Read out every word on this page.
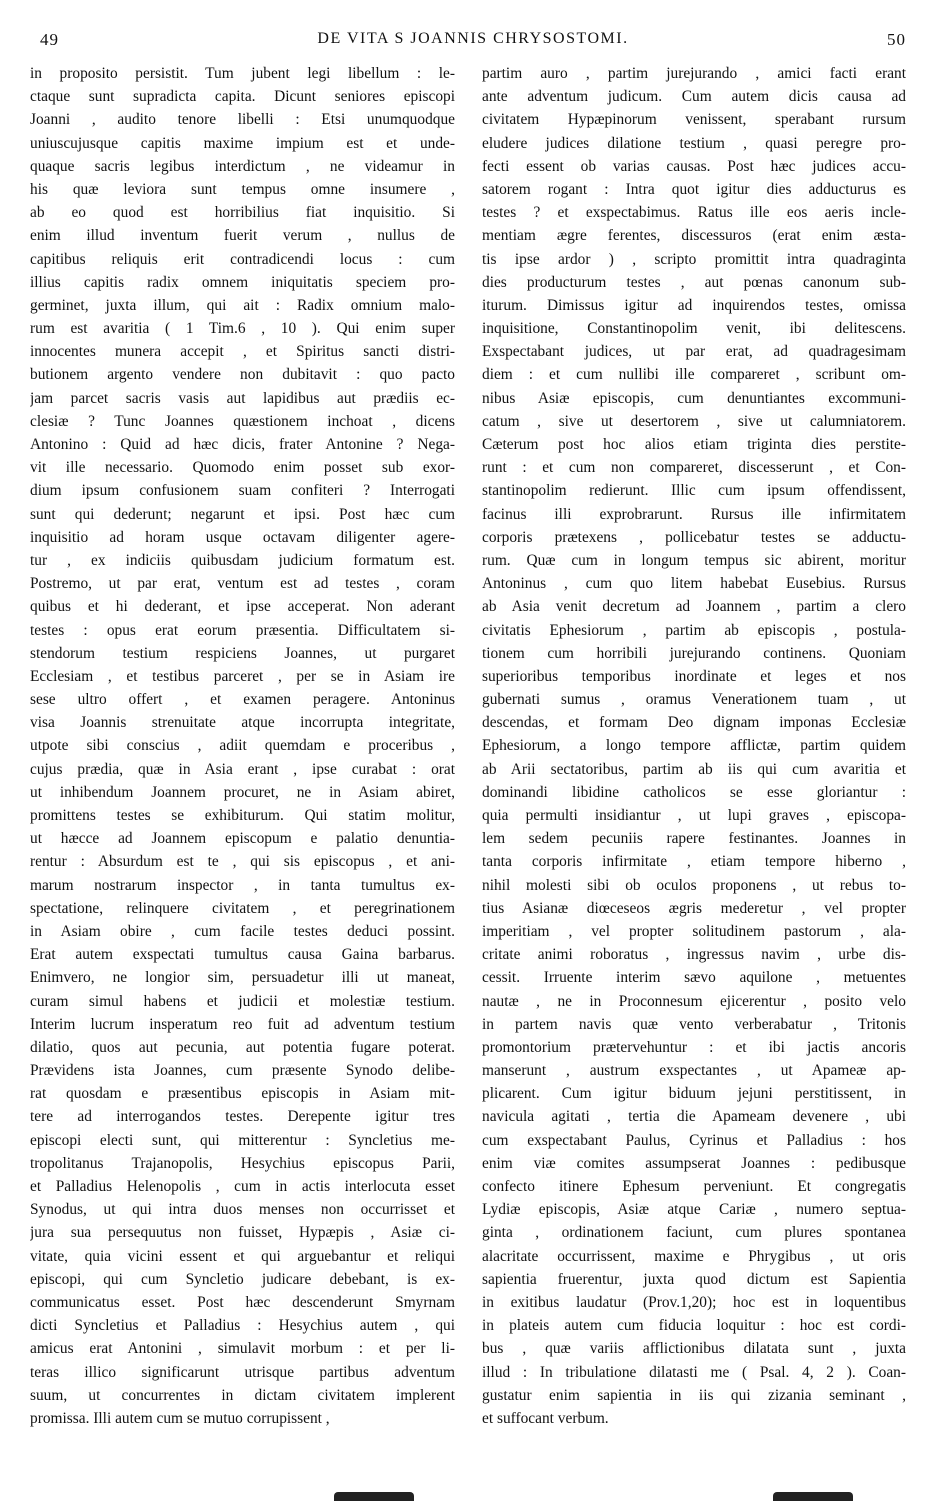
49	DE VITA S JOANNIS CHRYSOSTOMI.	50
in proposito persistit. Tum jubent legi libellum : le-
ctaque sunt supradicta capita. Dicunt seniores episcopi
Joanni , audito tenore libelli : Etsi unumquodque
uniuscujusque capitis maxime impium est et unde-
quaque sacris legibus interdictum , ne videamur in
his quæ leviora sunt tempus omne insumere ,
ab eo quod est horribilius fiat inquisitio. Si
enim illud inventum fuerit verum , nullus de
capitibus reliquis erit contradicendi locus : cum
illius capitis radix omnem iniquitatis speciem pro-
germinet, juxta illum, qui ait : Radix omnium malo-
rum est avaritia ( 1 Tim.6 , 10 ). Qui enim super
innocentes munera accepit , et Spiritus sancti distri-
butionem argento vendere non dubitavit : quo pacto
jam parcet sacris vasis aut lapidibus aut prædiis ec-
clesiæ ? Tunc Joannes quæstionem inchoat , dicens
Antonino : Quid ad hæc dicis, frater Antonine ? Nega-
vit ille necessario. Quomodo enim posset sub exor-
dium ipsum confusionem suam confiteri ? Interrogati
sunt qui dederunt; negarunt et ipsi. Post hæc cum
inquisitio ad horam usque octavam diligenter agere-
tur , ex indiciis quibusdam judicium formatum est.
Postremo, ut par erat, ventum est ad testes , coram
quibus et hi dederant, et ipse acceperat. Non aderant
testes : opus erat eorum præsentia. Difficultatem si-
stendorum testium respiciens Joannes, ut purgaret
Ecclesiam , et testibus parceret , per se in Asiam ire
sese ultro offert , et examen peragere. Antoninus
visa Joannis strenuitate atque incorrupta integritate,
utpote sibi conscius , adiit quemdam e proceribus ,
cujus prædia, quæ in Asia erant , ipse curabat : orat
ut inhibendum Joannem procuret, ne in Asiam abiret,
promittens testes se exhibiturum. Qui statim molitur,
ut hæcce ad Joannem episcopum e palatio denuntia-
rentur : Absurdum est te , qui sis episcopus , et ani-
marum nostrarum inspector , in tanta tumultus ex-
spectatione, relinquere civitatem , et peregrinationem
in Asiam obire , cum facile testes deduci possint.
Erat autem exspectati tumultus causa Gaina barbarus.
Enimvero, ne longior sim, persuadetur illi ut maneat,
curam simul habens et judicii et molestiæ testium.
Interim lucrum insperatum reo fuit ad adventum testium
dilatio, quos aut pecunia, aut potentia fugare poterat.
Prævidens ista Joannes, cum præsente Synodo delibe-
rat quosdam e præsentibus episcopis in Asiam mit-
tere ad interrogandos testes. Derepente igitur tres
episcopi electi sunt, qui mitterentur : Syncletius me-
tropolitanus Trajanopolis, Hesychius episcopus Parii,
et Palladius Helenopolis , cum in actis interlocuta esset
Synodus, ut qui intra duos menses non occurrisset et
jura sua persequutus non fuisset, Hypæpis , Asiæ ci-
vitate, quia vicini essent et qui arguebantur et reliqui
episcopi, qui cum Syncletio judicare debebant, is ex-
communicatus esset. Post hæc descenderunt Smyrnam
dicti Syncletius et Palladius : Hesychius autem , qui
amicus erat Antonini , simulavit morbum : et per li-
teras illico significarunt utrisque partibus adventum
suum, ut concurrentes in dictam civitatem implerent
promissa. Illi autem cum se mutuo corrupissent ,
partim auro , partim jurejurando , amici facti erant
ante adventum judicum. Cum autem dicis causa ad
civitatem Hypæpinorum venissent, sperabant rursum
eludere judices dilatione testium , quasi peregre pro-
fecti essent ob varias causas. Post hæc judices accu-
satorem rogant : Intra quot igitur dies adducturus es
testes ? et exspectabimus. Ratus ille eos aeris incle-
mentiam ægre ferentes, discessuros (erat enim æsta-
tis ipse ardor ) , scripto promittit intra quadraginta
dies producturum testes , aut pœnas canonum sub-
iturum. Dimissus igitur ad inquirendos testes, omissa
inquisitione, Constantinopolim venit, ibi delitescens.
Exspectabant judices, ut par erat, ad quadragesimam
diem : et cum nullibi ille compareret , scribunt om-
nibus Asiæ episcopis, cum denuntiantes excommuni-
catum , sive ut desertorem , sive ut calumniatorem.
Cæterum post hoc alios etiam triginta dies perstite-
runt : et cum non compareret, discesserunt , et Con-
stantinopolim redierunt. Illic cum ipsum offendissent,
facinus illi exprobrarunt. Rursus ille infirmitatem
corporis prætexens , pollicebatur testes se adductu-
rum. Quæ cum in longum tempus sic abirent, moritur
Antoninus , cum quo litem habebat Eusebius. Rursus
ab Asia venit decretum ad Joannem , partim a clero
civitatis Ephesiorum , partim ab episcopis , postula-
tionem cum horribili jurejurando continens. Quoniam
superioribus temporibus inordinate et leges et nos
gubernati sumus , oramus Venerationem tuam , ut
descendas, et formam Deo dignam imponas Ecclesiæ
Ephesiorum, a longo tempore afflictæ, partim quidem
ab Arii sectatoribus, partim ab iis qui cum avaritia et
dominandi libidine catholicos se esse gloriantur :
quia permulti insidiantur , ut lupi graves , episcopa-
lem sedem pecuniis rapere festinantes. Joannes in
tanta corporis infirmitate , etiam tempore hiberno ,
nihil molesti sibi ob oculos proponens , ut rebus to-
tius Asianæ diœceseos ægris mederetur , vel propter
imperitiam , vel propter solitudinem pastorum , ala-
critate animi roboratus , ingressus navim , urbe dis-
cessit. Irruente interim sævo aquilone , metuentes
nautæ , ne in Proconnesum ejicerentur , posito velo
in partem navis quæ vento verberabatur , Tritonis
promontorium prætervehuntur : et ibi jactis ancoris
manserunt , austrum exspectantes , ut Apameæ ap-
plicarent. Cum igitur biduum jejuni perstitissent, in
navicula agitati , tertia die Apameam devenere , ubi
cum exspectabant Paulus, Cyrinus et Palladius : hos
enim viæ comites assumpserat Joannes : pedibusque
confecto itinere Ephesum perveniunt. Et congregatis
Lydiæ episcopis, Asiæ atque Cariæ , numero septua-
ginta , ordinationem faciunt, cum plures spontanea
alacritate occurrissent, maxime e Phrygibus , ut oris
sapientia fruerentur, juxta quod dictum est Sapientia
in exitibus laudatur (Prov.1,20); hoc est in loquentibus
in plateis autem cum fiducia loquitur : hoc est cordi-
bus , quæ variis afflictionibus dilatata sunt , juxta
illud : In tribulatione dilatasti me ( Psal. 4, 2 ). Coan-
gustatur enim sapientia in iis qui zizania seminant ,
et suffocant verbum.
